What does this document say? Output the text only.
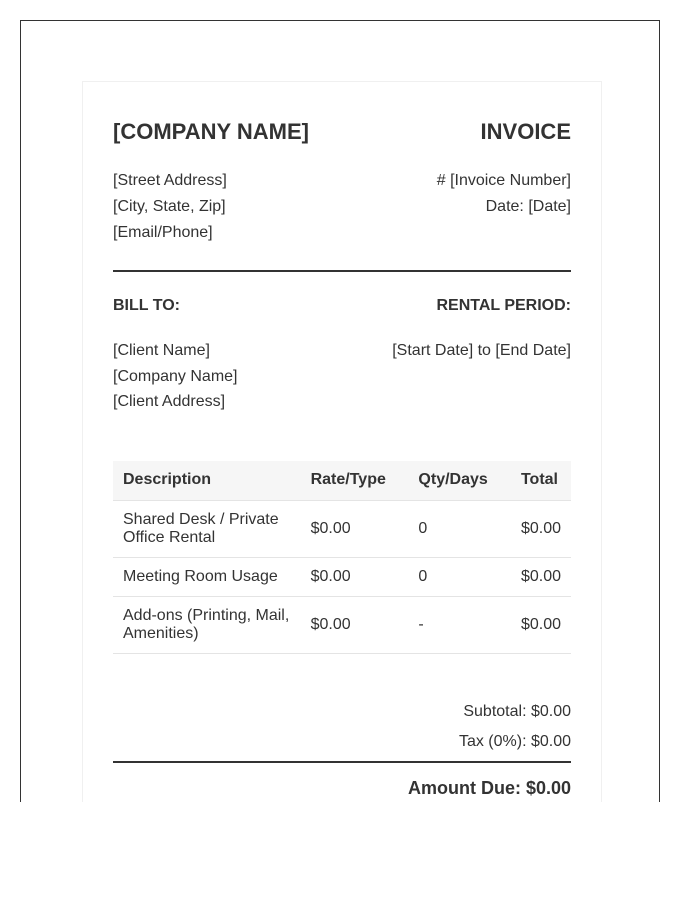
[COMPANY NAME]	INVOICE
[Street Address]
[City, State, Zip]
[Email/Phone]
# [Invoice Number]
Date: [Date]
BILL TO:	RENTAL PERIOD:
[Client Name]
[Company Name]
[Client Address]
[Start Date] to [End Date]
Description	Rate/Type	Qty/Days	Total
Shared Desk / Private Office Rental	$0.00	0	$0.00
Meeting Room Usage	$0.00	0	$0.00
Add-ons (Printing, Mail, Amenities)	$0.00	-	$0.00
Subtotal: $0.00
Tax (0%): $0.00
Amount Due: $0.00
